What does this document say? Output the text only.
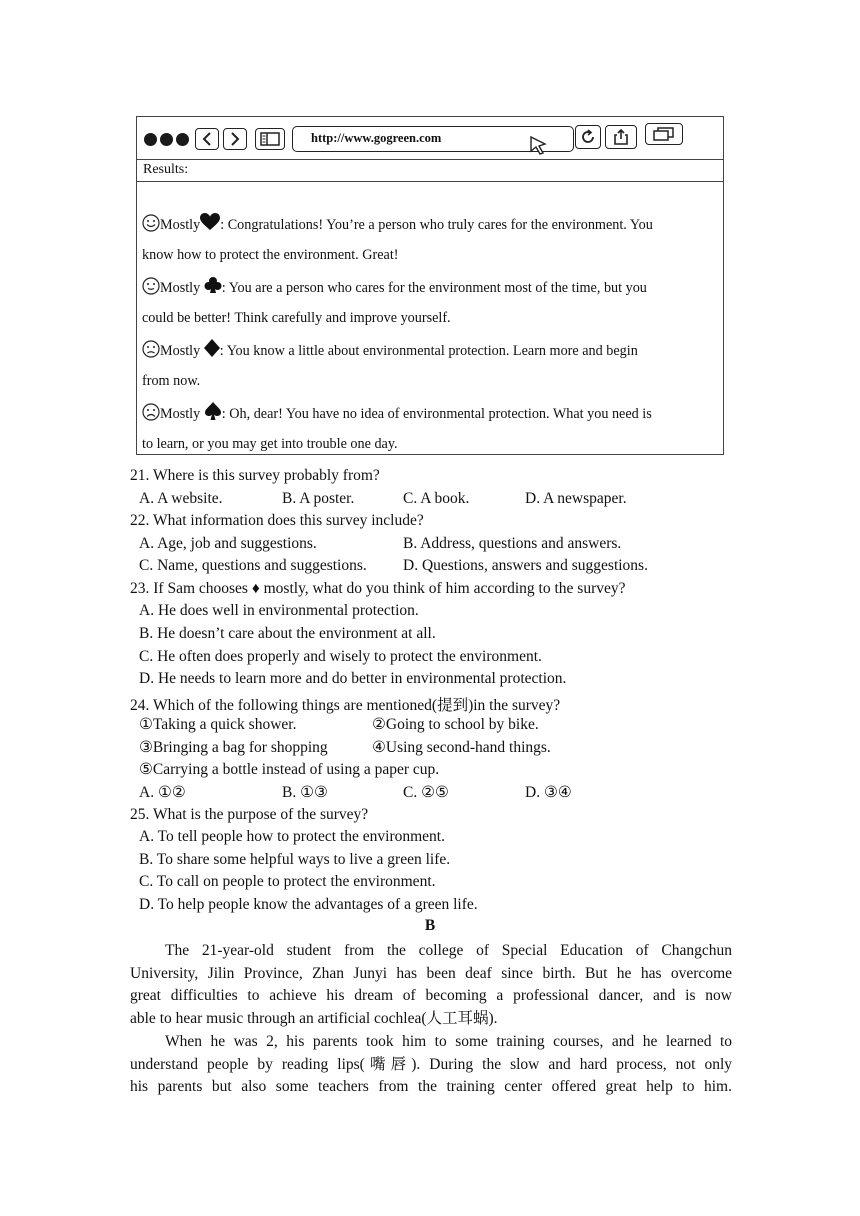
http://www.gogreen.com
Results:
Mostly : Congratulations! You’re a person who truly cares for the environment. You
know how to protect the environment. Great!
Mostly : You are a person who cares for the environment most of the time, but you
could be better! Think carefully and improve yourself.
Mostly : You know a little about environmental protection. Learn more and begin
from now.
Mostly : Oh, dear! You have no idea of environmental protection. What you need is
to learn, or you may get into trouble one day.
21. Where is this survey probably from?
A. A website.	B. A poster.	C. A book.	D. A newspaper.
22. What information does this survey include?
A. Age, job and suggestions.	B. Address, questions and answers.
C. Name, questions and suggestions. D. Questions, answers and suggestions.
23. If Sam chooses ♦ mostly, what do you think of him according to the survey?
A. He does well in environmental protection.
B. He doesn’t care about the environment at all.
C. He often does properly and wisely to protect the environment.
D. He needs to learn more and do better in environmental protection.
24. Which of the following things are mentioned(提到)in the survey?
①Taking a quick shower.	②Going to school by bike.
③Bringing a bag for shopping	④Using second-hand things.
⑤Carrying a bottle instead of using a paper cup.
A. ①②	B. ①③	C. ②⑤	D. ③④
25. What is the purpose of the survey?
A. To tell people how to protect the environment.
B. To share some helpful ways to live a green life.
C. To call on people to protect the environment.
D. To help people know the advantages of a green life.
B
The 21-year-old student from the college of Special Education of Changchun
University, Jilin Province, Zhan Junyi has been deaf since birth. But he has overcome
great difficulties to achieve his dream of becoming a professional dancer, and is now
able to hear music through an artificial cochlea(人工耳蜗).
When he was 2, his parents took him to some training courses, and he learned to
understand people by reading lips(嘴唇). During the slow and hard process, not only
his parents but also some teachers from the training center offered great help to him.
